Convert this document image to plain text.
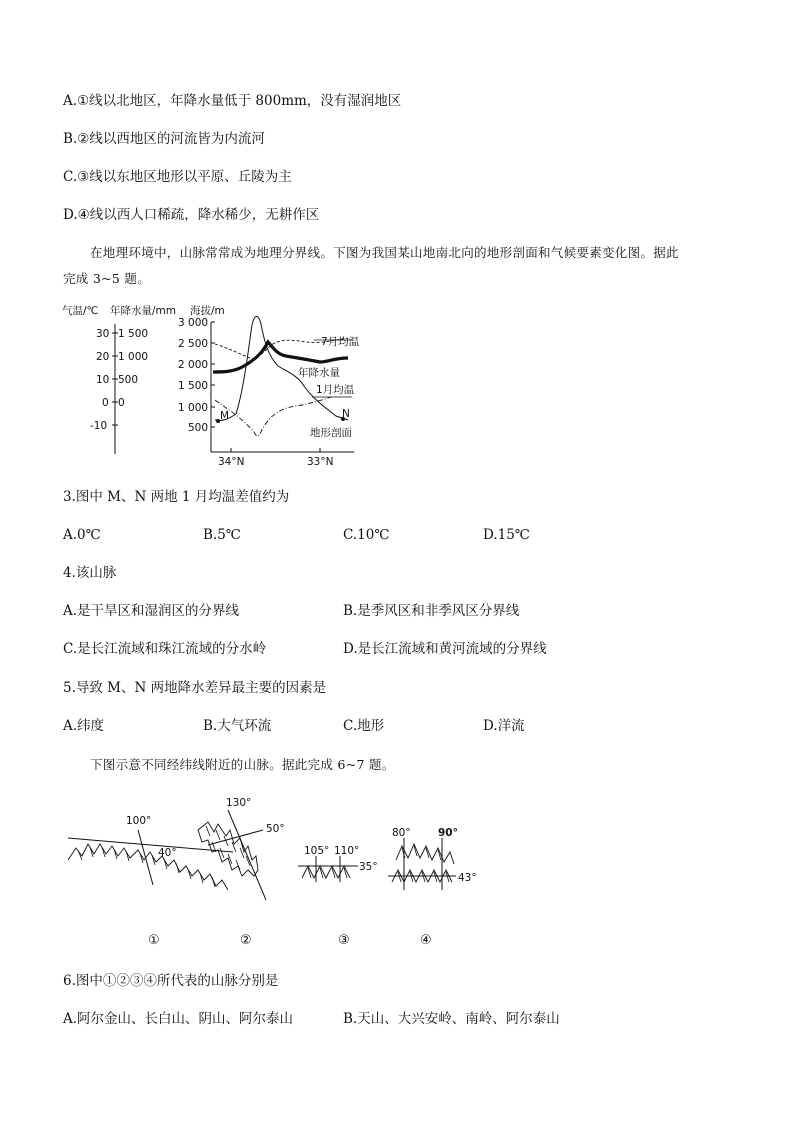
A.①线以北地区，年降水量低于 800mm，没有湿润地区
B.②线以西地区的河流皆为内流河
C.③线以东地区地形以平原、丘陵为主
D.④线以西人口稀疏，降水稀少，无耕作区
在地理环境中，山脉常常成为地理分界线。下图为我国某山地南北向的地形剖面和气候要素变化图。据此
完成 3~5 题。
气温/℃ 年降水量/mm 海拔/m
30
20
10
0
-10
1 500
1 000
500
0
3 000
2 500
2 000
1 500
1 000
500
34°N	33°N
M	N
7月均温
年降水量
1月均温
地形剖面
3.图中 M、N 两地 1 月均温差值约为
A.0℃	B.5℃	C.10℃	D.15℃
4.该山脉
A.是干旱区和湿润区的分界线	B.是季风区和非季风区分界线
C.是长江流域和珠江流域的分水岭	D.是长江流域和黄河流域的分界线
5.导致 M、N 两地降水差异最主要的因素是
A.纬度	B.大气环流	C.地形	D.洋流
下图示意不同经纬线附近的山脉。据此完成 6~7 题。
100°
40°
①
130°
50°
②
105° 110°
35°
③
80°	90°
43°
④
6.图中①②③④所代表的山脉分别是
A.阿尔金山、长白山、阴山、阿尔泰山	B.天山、大兴安岭、南岭、阿尔泰山
